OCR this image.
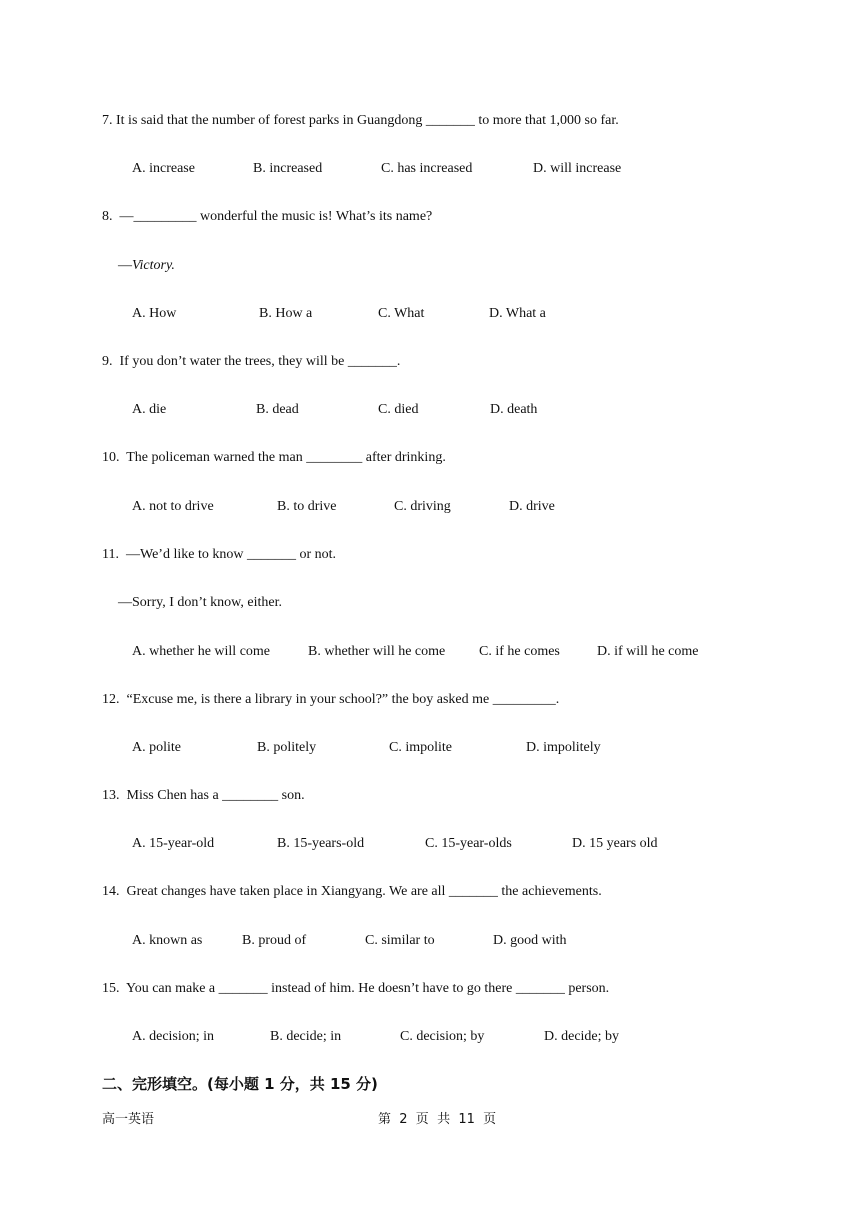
7. It is said that the number of forest parks in Guangdong _______ to more that 1,000 so far.
A. increase	B. increased	C. has increased	D. will increase
8.  —_________ wonderful the music is! What’s its name?
—Victory.
A. How	B. How a	C. What	D. What a
9.  If you don’t water the trees, they will be _______.
A. die	B. dead	C. died	D. death
10.  The policeman warned the man ________ after drinking.
A. not to drive	B. to drive	C. driving	D. drive
11.  —We’d like to know _______ or not.
—Sorry, I don’t know, either.
A. whether he will come	B. whether will he come C. if he comes	D. if will he come
12.  “Excuse me, is there a library in your school?” the boy asked me _________.
A. polite	B. politely	C. impolite	D. impolitely
13.  Miss Chen has a ________ son.
A. 15-year-old	B. 15-years-old	C. 15-year-olds	D. 15 years old
14.  Great changes have taken place in Xiangyang. We are all _______ the achievements.
A. known as	B. proud of	C. similar to	D. good with
15.  You can make a _______ instead of him. He doesn’t have to go there _______ person.
A. decision; in	B. decide; in	C. decision; by	D. decide; by
二、完形填空。(每小题 1 分，共 15 分)
高一英语	第  2  页  共  11  页
